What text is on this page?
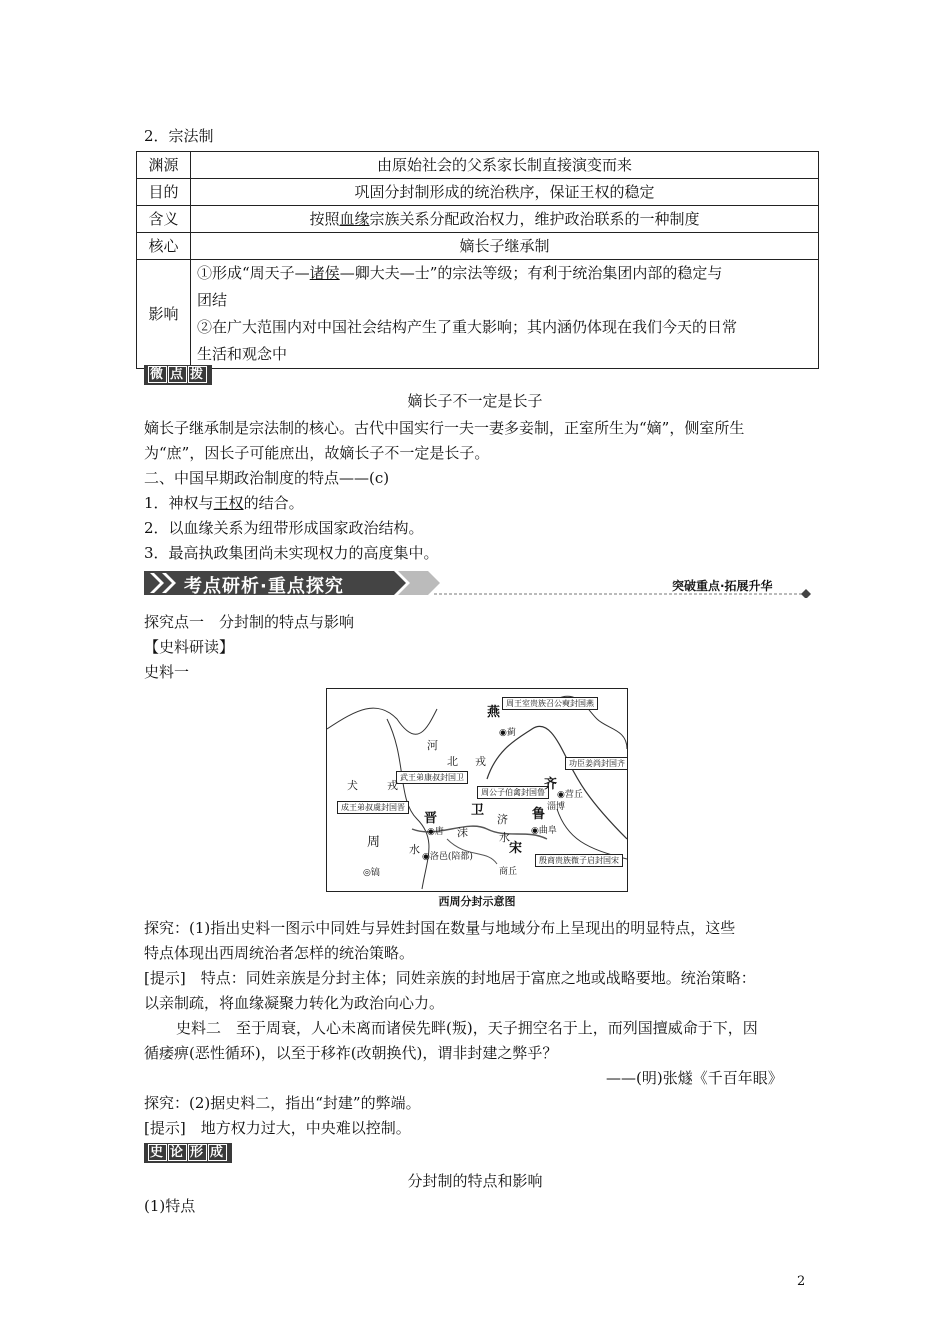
2．宗法制
渊源	由原始社会的父系家长制直接演变而来
目的	巩固分封制形成的统治秩序，保证王权的稳定
含义	按照血缘宗族关系分配政治权力，维护政治联系的一种制度
核心	嫡长子继承制
影响	①形成“周天子—诸侯—卿大夫—士”的宗法等级；有利于统治集团内部的稳定与
团结
②在广大范围内对中国社会结构产生了重大影响；其内涵仍体现在我们今天的日常
生活和观念中
微 点 拨
嫡长子不一定是长子
嫡长子继承制是宗法制的核心。古代中国实行一夫一妻多妾制，正室所生为“嫡”，侧室所生
为“庶”，因长子可能庶出，故嫡长子不一定是长子。
二、中国早期政治制度的特点——(c)
1．神权与王权的结合。
2．以血缘关系为纽带形成国家政治结构。
3．最高执政集团尚未实现权力的高度集中。
考点研析·重点探究	突破重点·拓展升华
探究点一　分封制的特点与影响
【史料研读】
史料一
周王室贵族召公奭封国燕
功臣姜尚封国齐
武王弟康叔封国卫
周公子伯禽封国鲁
成王弟叔虞封国晋
殷商贵族微子启封国宋
燕
齐
鲁
晋
卫
宋
周
◉蓟
◉营丘
淄博
◉曲阜
◉唐
商丘
◎镐
◉洛邑(陪都)
河
北 戎
犬	戎
济
水
沫
水
西周分封示意图
探究：(1)指出史料一图示中同姓与异姓封国在数量与地域分布上呈现出的明显特点，这些
特点体现出西周统治者怎样的统治策略。
[提示]　特点：同姓亲族是分封主体；同姓亲族的封地居于富庶之地或战略要地。统治策略：
以亲制疏，将血缘凝聚力转化为政治向心力。
史料二　至于周衰，人心未离而诸侯先畔(叛)，天子拥空名于上，而列国擅威命于下，因
循痿痹(恶性循环)，以至于移祚(改朝换代)，谓非封建之弊乎？
——(明)张燧《千百年眼》
探究：(2)据史料二，指出“封建”的弊端。
[提示]　地方权力过大，中央难以控制。
史 论 形 成
分封制的特点和影响
(1)特点
2
